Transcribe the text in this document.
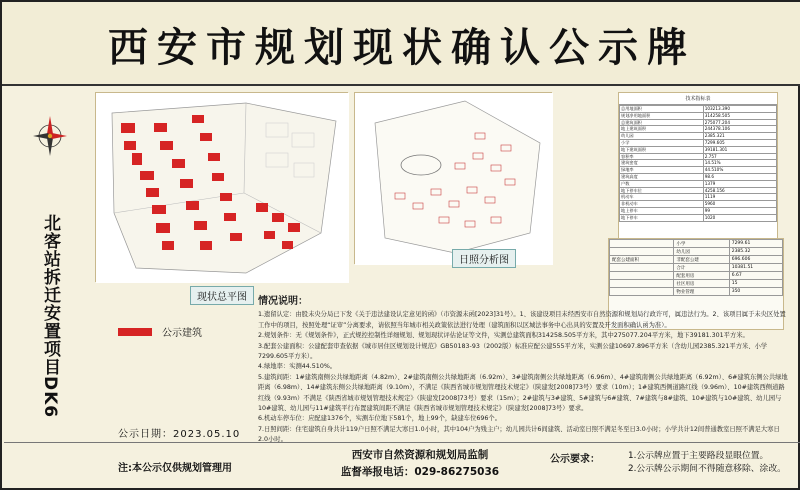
西安市规划现状确认公示牌
北客站拆迁安置项目DK6
技术指标表
总用地面积	103213.390
规划净用地面积	314258.505
总建筑面积	275077.204
地上建筑面积	244378.106
幼儿园	2385.321
小学	7299.605
地下建筑面积	39181.301
容积率	2.757
建筑密度	14.51%
绿地率	44.510%
建筑高度	98.6
户数	1379
地下停车位	4258.156
机动车	1119
非机动车	5960
地上停车	99
地下停车	1020
	小学	7299.61
	幼儿园	2385.32
配套公建面积	非配套公建	696.606
	合计	10381.51
	配套用房	6.67
	社区用房	15
	物业管理	350
现状总平图
日照分析图
公示建筑
情况说明：

1.遗留认定：由股未央分局已下发《关于违法建设认定意见的函》（市资源未函[2023]31号）。1、该建设项目未经西安市自然资源和规划局行政许可，属违法行为。2、该项目属于未央区处置工作中的项目，按照处理“证审”分离要求，请依照当年城市相关政策依法进行处理（建筑面积以区城法事务中心出具的安置及开发面积确认函为准）。

2.规划条件：无《规划条件》，正式规控控制性详细规划、规划现状评估论证等文件，实测总建筑面积314258.505平方米，其中275077.204平方米，地下39181.301平方米。

3.配套公建面积：公建配套审查依据《城市居住区规划设计规范》GB50183-93（2002版）标准应配公建555平方米，实测公建10697.896平方米（含幼儿园2385.321平方米、小学7299.605平方米）。

4.绿地率：实测44.510%。

5.建筑间距：1#建筑南侧公共绿地距离（4.82m）、2#建筑南侧公共绿地距离（6.92m）、3#建筑南侧公共绿地距离（6.96m）、4#建筑南侧公共绿地距离（6.92m）、6#建筑东侧公共绿地距离（6.98m）、14#建筑东侧公共绿地距离（9.10m），不满足《陕西省城市规划管理技术规定》（陕建发[2008]73号）要求（10m）；1#建筑西侧道路红线（9.96m）、10#建筑西侧道路红线（9.93m）不满足《陕西省城市规划管理技术规定》（陕建发[2008]73号）要求（15m）；2#建筑与3#建筑、5#建筑与6#建筑、7#建筑与8#建筑、10#建筑与10#建筑、幼儿园与10#建筑、幼儿园与11#建筑平行布置建筑间距不满足《陕西省城市规划管理技术规定》（陕建发[2008]73号）要求。

6.机动车停车位：应配建1376个，实测车位地下581个，地上99个，缺建车位696个。

7.日照间距：住宅建筑自身共计119户日照不满足大寒日1.0小时，其中104户为残主户；幼儿园共计6间建筑、活动室日照不满足冬至日3.0小时；小学共计12间普通教室日照不满足大寒日2.0小时。

公示日期：2023.05.10
注:本公示仅供规划管理用
西安市自然资源和规划局监制
监督举报电话：029-86275036
公示要求：	1.公示牌应置于主要路段显眼位置。
2.公示牌公示期间不得随意移除、涂改。
